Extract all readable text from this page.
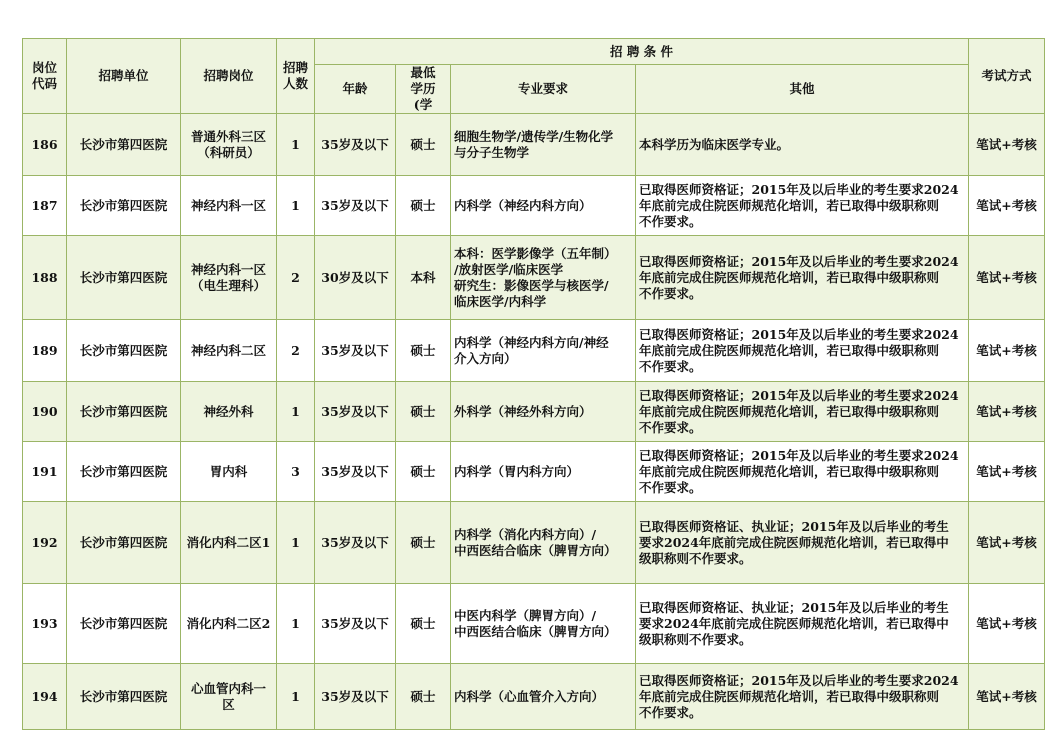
岗位
代码	招聘单位	招聘岗位	招聘
人数	招 聘 条 件				考试方式
				年龄	最低
学历
(学	专业要求	其他	
186	长沙市第四医院	普通外科三区
（科研员）	1	35岁及以下	硕士	细胞生物学/遗传学/生物化学
与分子生物学	本科学历为临床医学专业。	笔试+考核
187	长沙市第四医院	神经内科一区	1	35岁及以下	硕士	内科学（神经内科方向）	已取得医师资格证；2015年及以后毕业的考生要求2024
年底前完成住院医师规范化培训，若已取得中级职称则
不作要求。	笔试+考核
188	长沙市第四医院	神经内科一区
（电生理科）	2	30岁及以下	本科	本科：医学影像学（五年制）
/放射医学/临床医学
研究生：影像医学与核医学/
临床医学/内科学	已取得医师资格证；2015年及以后毕业的考生要求2024
年底前完成住院医师规范化培训，若已取得中级职称则
不作要求。	笔试+考核
189	长沙市第四医院	神经内科二区	2	35岁及以下	硕士	内科学（神经内科方向/神经
介入方向）	已取得医师资格证；2015年及以后毕业的考生要求2024
年底前完成住院医师规范化培训，若已取得中级职称则
不作要求。	笔试+考核
190	长沙市第四医院	神经外科	1	35岁及以下	硕士	外科学（神经外科方向）	已取得医师资格证；2015年及以后毕业的考生要求2024
年底前完成住院医师规范化培训，若已取得中级职称则
不作要求。	笔试+考核
191	长沙市第四医院	胃内科	3	35岁及以下	硕士	内科学（胃内科方向）	已取得医师资格证；2015年及以后毕业的考生要求2024
年底前完成住院医师规范化培训，若已取得中级职称则
不作要求。	笔试+考核
192	长沙市第四医院	消化内科二区1	1	35岁及以下	硕士	内科学（消化内科方向）/
中西医结合临床（脾胃方向）	已取得医师资格证、执业证；2015年及以后毕业的考生
要求2024年底前完成住院医师规范化培训，若已取得中
级职称则不作要求。	笔试+考核
193	长沙市第四医院	消化内科二区2	1	35岁及以下	硕士	中医内科学（脾胃方向）/
中西医结合临床（脾胃方向）	已取得医师资格证、执业证；2015年及以后毕业的考生
要求2024年底前完成住院医师规范化培训，若已取得中
级职称则不作要求。	笔试+考核
194	长沙市第四医院	心血管内科一
区	1	35岁及以下	硕士	内科学（心血管介入方向）	已取得医师资格证；2015年及以后毕业的考生要求2024
年底前完成住院医师规范化培训，若已取得中级职称则
不作要求。	笔试+考核
